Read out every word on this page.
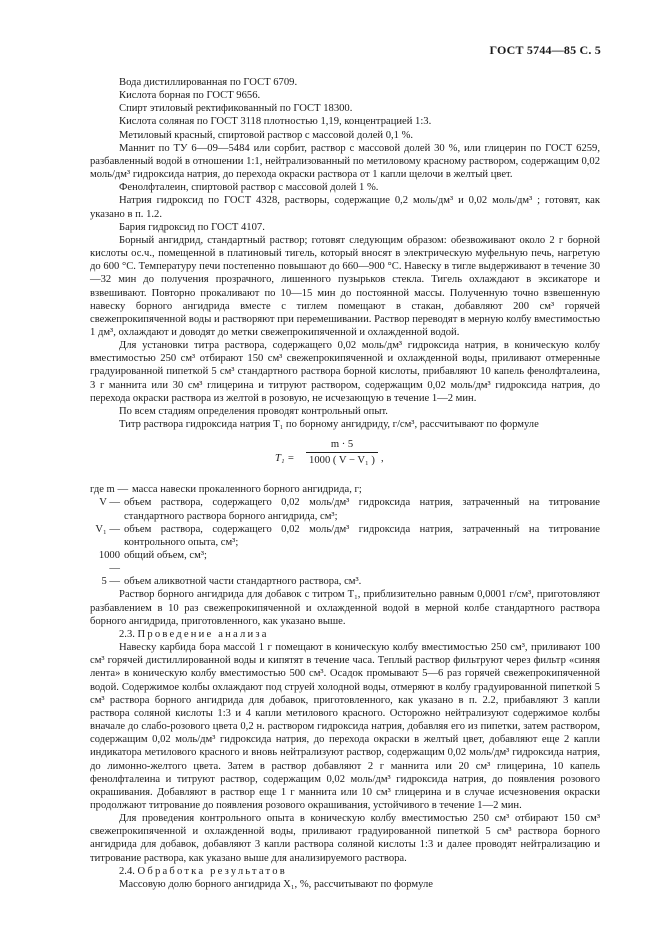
ГОСТ 5744—85 С. 5

Вода дистиллированная по ГОСТ 6709.

Кислота борная по ГОСТ 9656.

Спирт этиловый ректификованный по ГОСТ 18300.

Кислота соляная по ГОСТ 3118 плотностью 1,19, концентрацией 1:3.

Метиловый красный, спиртовой раствор с массовой долей 0,1 %.

Маннит по ТУ 6—09—5484 или сорбит, раствор с массовой долей 30 %, или глицерин по ГОСТ 6259, разбавленный водой в отношении 1:1, нейтрализованный по метиловому красному раствором, содержащим 0,02 моль/дм³ гидроксида натрия, до перехода окраски раствора от 1 капли щелочи в желтый цвет.

Фенолфталеин, спиртовой раствор с массовой долей 1 %.

Натрия гидроксид по ГОСТ 4328, растворы, содержащие 0,2 моль/дм³ и 0,02 моль/дм³ ; готовят, как указано в п. 1.2.

Бария гидроксид по ГОСТ 4107.

Борный ангидрид, стандартный раствор; готовят следующим образом: обезвоживают около 2 г борной кислоты ос.ч., помещенной в платиновый тигель, который вносят в электрическую муфельную печь, нагретую до 600 °С. Температуру печи постепенно повышают до 660—900 °С. Навеску в тигле выдерживают в течение 30—32 мин до получения прозрачного, лишенного пузырьков стекла. Тигель охлаждают в эксикаторе и взвешивают. Повторно прокаливают по 10—15 мин до постоянной массы. Полученную точно взвешенную навеску борного ангидрида вместе с тиглем помещают в стакан, добавляют 200 см³ горячей свежепрокипяченной воды и растворяют при перемешивании. Раствор переводят в мерную колбу вместимостью 1 дм³, охлаждают и доводят до метки свежепрокипяченной и охлажденной водой.

Для установки титра раствора, содержащего 0,02 моль/дм³ гидроксида натрия, в коническую колбу вместимостью 250 см³ отбирают 150 см³ свежепрокипяченной и охлажденной воды, приливают отмеренные градуированной пипеткой 5 см³ стандартного раствора борной кислоты, прибавляют 10 капель фенолфталеина, 3 г маннита или 30 см³ глицерина и титруют раствором, содержащим 0,02 моль/дм³ гидроксида натрия, до перехода окраски раствора из желтой в розовую, не исчезающую в течение 1—2 мин.

По всем стадиям определения проводят контрольный опыт.

Титр раствора гидроксида натрия T₁ по борному ангидриду, г/см³, рассчитывают по формуле

$T_1 = \frac{m \cdot 5}{\text{1000 ( V − V₁ )}}$ ,
где m — масса навески прокаленного борного ангидрида, г;
V — объем раствора, содержащего 0,02 моль/дм³ гидроксида натрия, затраченный на титрование стандартного раствора борного ангидрида, см³;
V₁ — объем раствора, содержащего 0,02 моль/дм³ гидроксида натрия, затраченный на титрование контрольного опыта, см³;
1000 —
общий объем, см³;
5 — объем аликвотной части стандартного раствора, см³.

Раствор борного ангидрида для добавок с титром T₁, приблизительно равным 0,0001 г/см³, приготовляют разбавлением в 10 раз свежепрокипяченной и охлажденной водой в мерной колбе стандартного раствора борного ангидрида, приготовленного, как указано выше.

2.3. Проведение анализа

Навеску карбида бора массой 1 г помещают в коническую колбу вместимостью 250 см³, приливают 100 см³ горячей дистиллированной воды и кипятят в течение часа. Теплый раствор фильтруют через фильтр «синяя лента» в коническую колбу вместимостью 500 см³. Осадок промывают 5—6 раз горячей свежепрокипяченной водой. Содержимое колбы охлаждают под струей холодной воды, отмеряют в колбу градуированной пипеткой 5 см³ раствора борного ангидрида для добавок, приготовленного, как указано в п. 2.2, прибавляют 3 капли раствора соляной кислоты 1:3 и 4 капли метилового красного. Осторожно нейтрализуют содержимое колбы вначале до слабо-розового цвета 0,2 н. раствором гидроксида натрия, добавляя его из пипетки, затем раствором, содержащим 0,02 моль/дм³ гидроксида натрия, до перехода окраски в желтый цвет, добавляют еще 2 капли индикатора метилового красного и вновь нейтрализуют раствор, содержащим 0,02 моль/дм³ гидроксида натрия, до лимонно-желтого цвета. Затем в раствор добавляют 2 г маннита или 20 см³ глицерина, 10 капель фенолфталеина и титруют раствор, содержащим 0,02 моль/дм³ гидроксида натрия, до появления розового окрашивания. Добавляют в раствор еще 1 г маннита или 10 см³ глицерина и в случае исчезновения окраски продолжают титрование до появления розового окрашивания, устойчивого в течение 1—2 мин.

Для проведения контрольного опыта в коническую колбу вместимостью 250 см³ отбирают 150 см³ свежепрокипяченной и охлажденной воды, приливают градуированной пипеткой 5 см³ раствора борного ангидрида для добавок, добавляют 3 капли раствора соляной кислоты 1:3 и далее проводят нейтрализацию и титрование раствора, как указано выше для анализируемого раствора.

2.4. Обработка результатов

Массовую долю борного ангидрида X₁, %, рассчитывают по формуле
